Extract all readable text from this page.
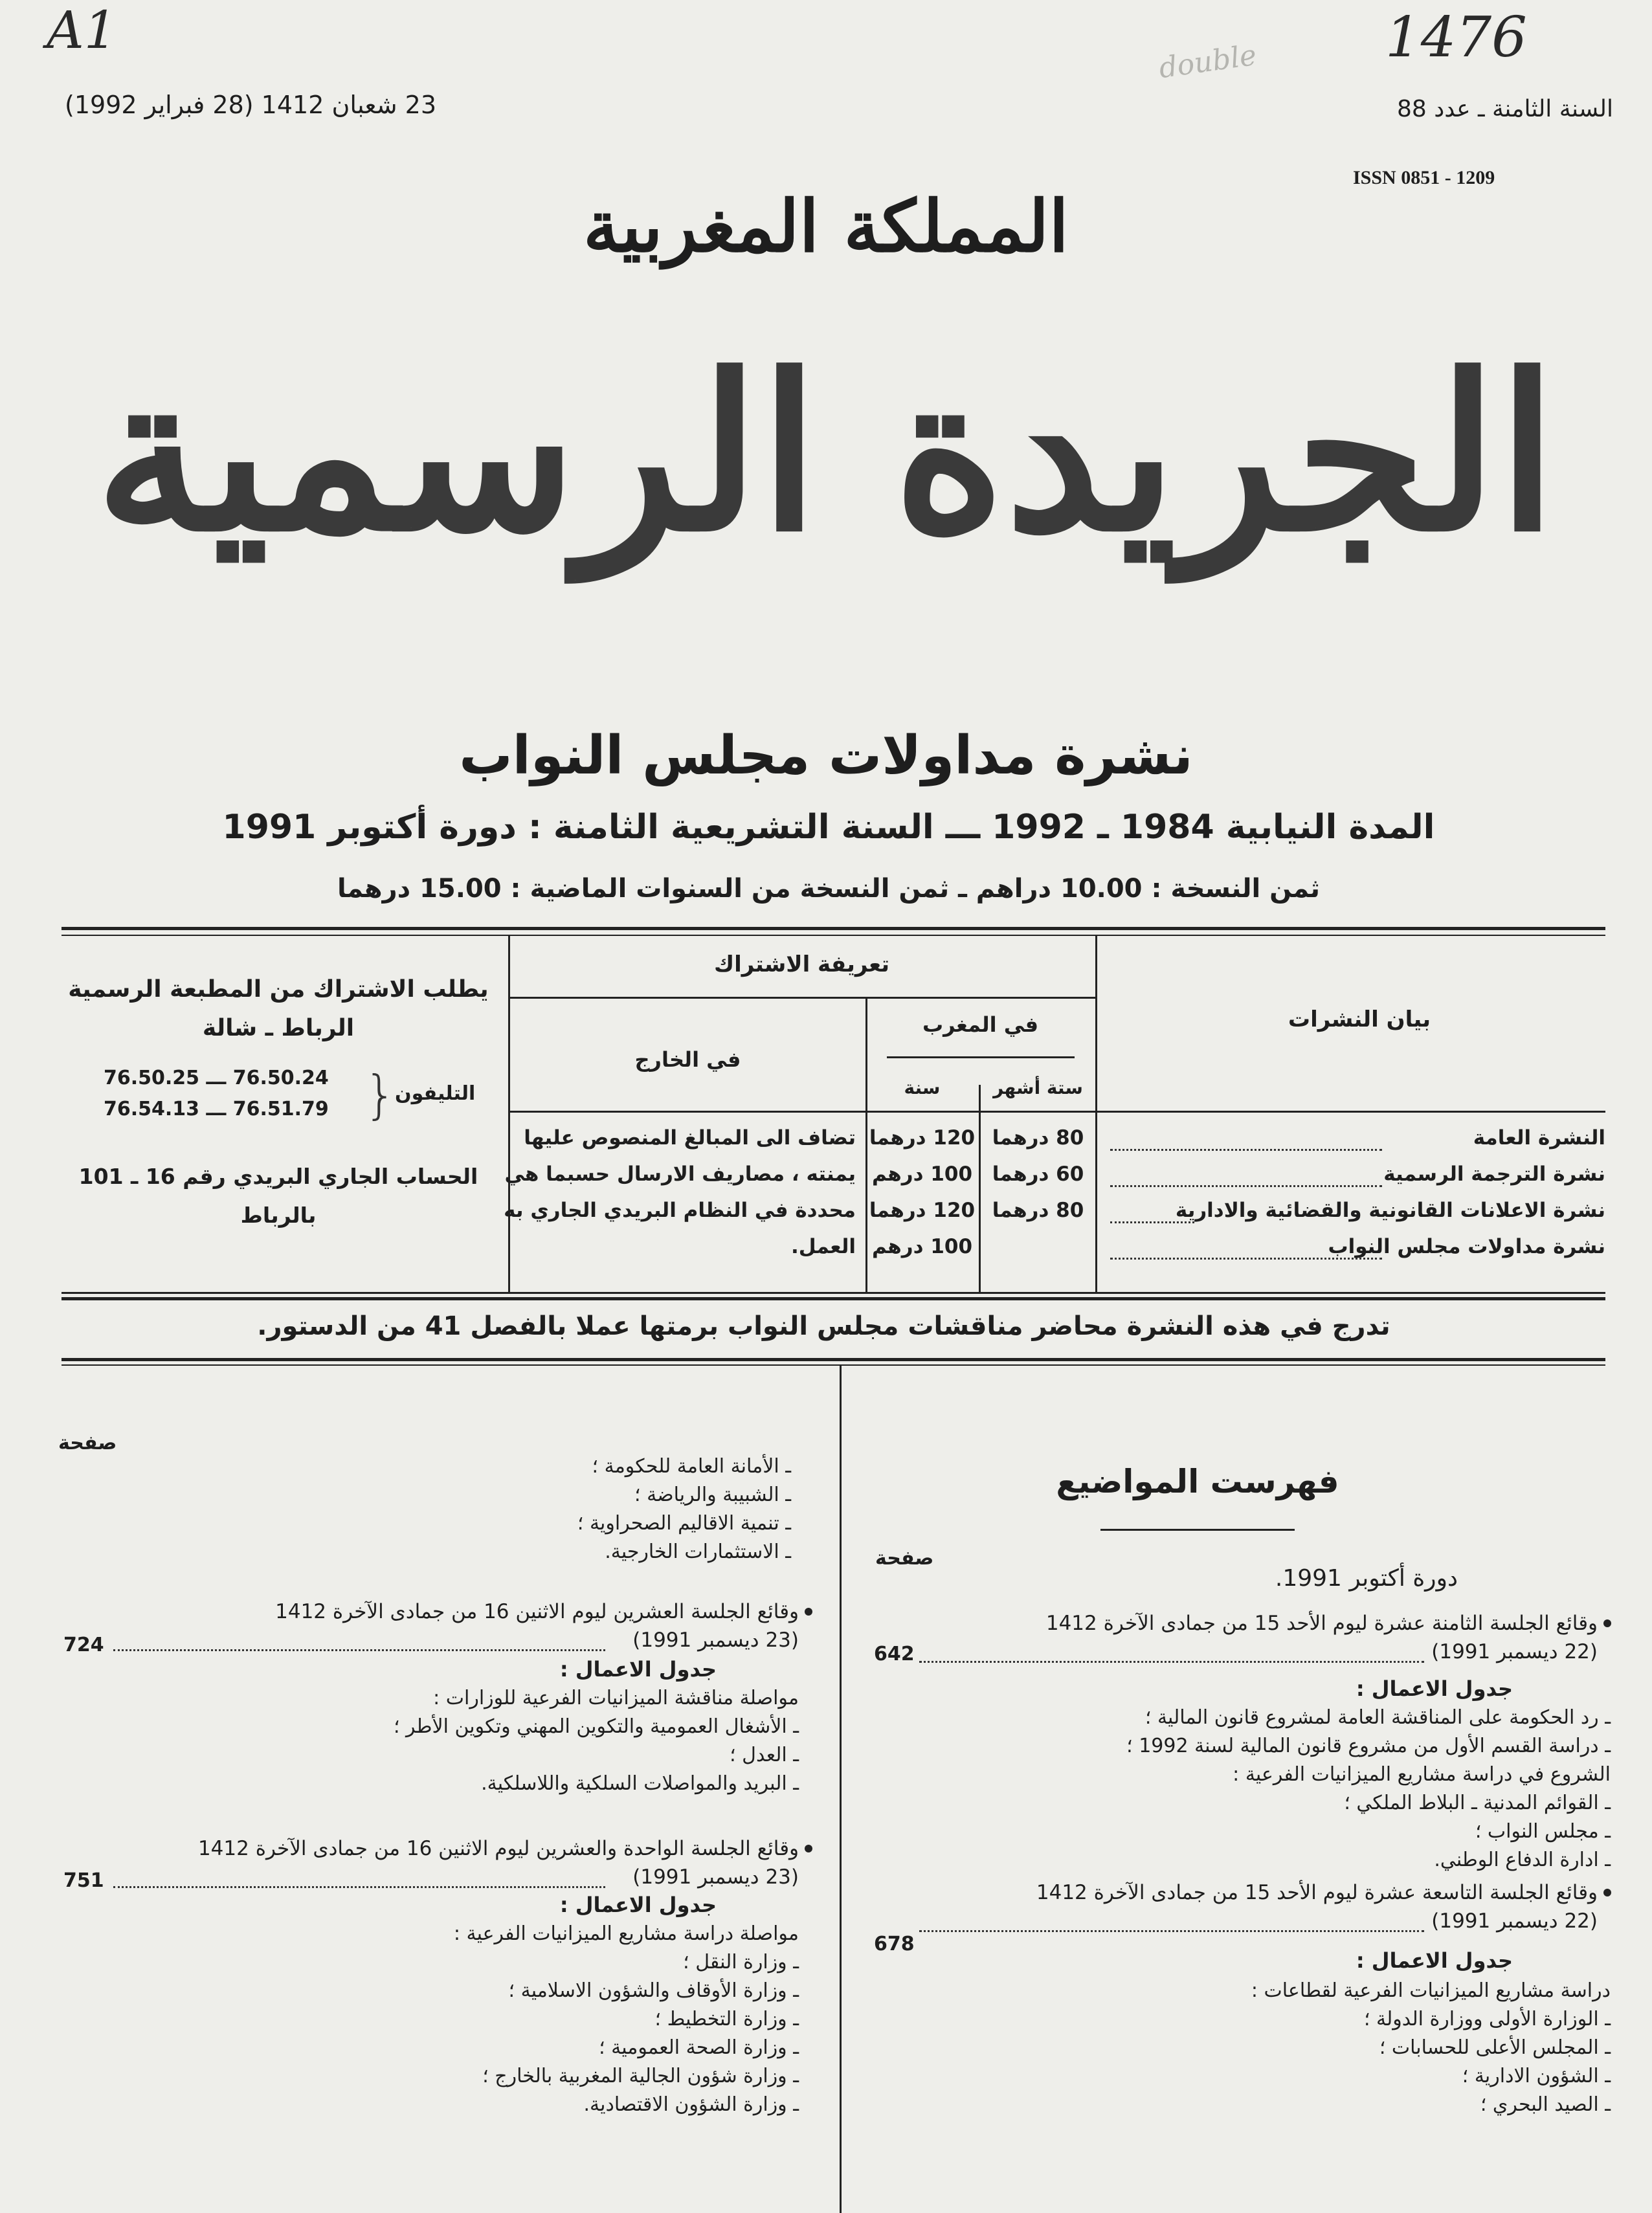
A1	1476
double
السنة الثامنة ـ عدد 88
23 شعبان 1412 (28 فبراير 1992)
ISSN 0851 - 1209
المملكة المغربية
الجريدة الرسمية
نشرة مداولات مجلس النواب
المدة النيابية 1984 ـ 1992 ـــ السنة التشريعية الثامنة : دورة أكتوبر 1991
ثمن النسخة : 10.00 دراهم ـ ثمن النسخة من السنوات الماضية : 15.00 درهما
تعريفة الاشتراك
بيان النشرات
في المغرب
ستة أشهر
سنة
في الخارج
النشرة العامة
نشرة الترجمة الرسمية
نشرة الاعلانات القانونية والقضائية والادارية
نشرة مداولات مجلس النواب
80 درهما
60 درهما
80 درهما
120 درهما
100 درهم
120 درهما
100 درهم
تضاف الى المبالغ المنصوص عليها
يمنته ، مصاريف الارسال حسبما هي
محددة في النظام البريدي الجاري به
العمل.
يطلب الاشتراك من المطبعة الرسمية
الرباط ـ شالة
التليفون
}
76.50.24 ـــ 76.50.25
76.51.79 ـــ 76.54.13
الحساب الجاري البريدي رقم 16 ـ 101
بالرباط
تدرج في هذه النشرة محاضر مناقشات مجلس النواب برمتها عملا بالفصل 41 من الدستور.
فهرست المواضيع
صفحة
دورة أكتوبر 1991.
وقائع الجلسة الثامنة عشرة ليوم الأحد 15 من جمادى الآخرة 1412
(22 ديسمبر 1991)
642
جدول الاعمال :
ـ رد الحكومة على المناقشة العامة لمشروع قانون المالية ؛
ـ دراسة القسم الأول من مشروع قانون المالية لسنة 1992 ؛
الشروع في دراسة مشاريع الميزانيات الفرعية :
ـ القوائم المدنية ـ البلاط الملكي ؛
ـ مجلس النواب ؛
ـ ادارة الدفاع الوطني.
وقائع الجلسة التاسعة عشرة ليوم الأحد 15 من جمادى الآخرة 1412
(22 ديسمبر 1991)
678
جدول الاعمال :
دراسة مشاريع الميزانيات الفرعية لقطاعات :
ـ الوزارة الأولى ووزارة الدولة ؛
ـ المجلس الأعلى للحسابات ؛
ـ الشؤون الادارية ؛
ـ الصيد البحري ؛
صفحة
ـ الأمانة العامة للحكومة ؛
ـ الشبيبة والرياضة ؛
ـ تنمية الاقاليم الصحراوية ؛
ـ الاستثمارات الخارجية.
وقائع الجلسة العشرين ليوم الاثنين 16 من جمادى الآخرة 1412
(23 ديسمبر 1991)
724
جدول الاعمال :
مواصلة مناقشة الميزانيات الفرعية للوزارات :
ـ الأشغال العمومية والتكوين المهني وتكوين الأطر ؛
ـ العدل ؛
ـ البريد والمواصلات السلكية واللاسلكية.
وقائع الجلسة الواحدة والعشرين ليوم الاثنين 16 من جمادى الآخرة 1412
(23 ديسمبر 1991)
751
جدول الاعمال :
مواصلة دراسة مشاريع الميزانيات الفرعية :
ـ وزارة النقل ؛
ـ وزارة الأوقاف والشؤون الاسلامية ؛
ـ وزارة التخطيط ؛
ـ وزارة الصحة العمومية ؛
ـ وزارة شؤون الجالية المغربية بالخارج ؛
ـ وزارة الشؤون الاقتصادية.
